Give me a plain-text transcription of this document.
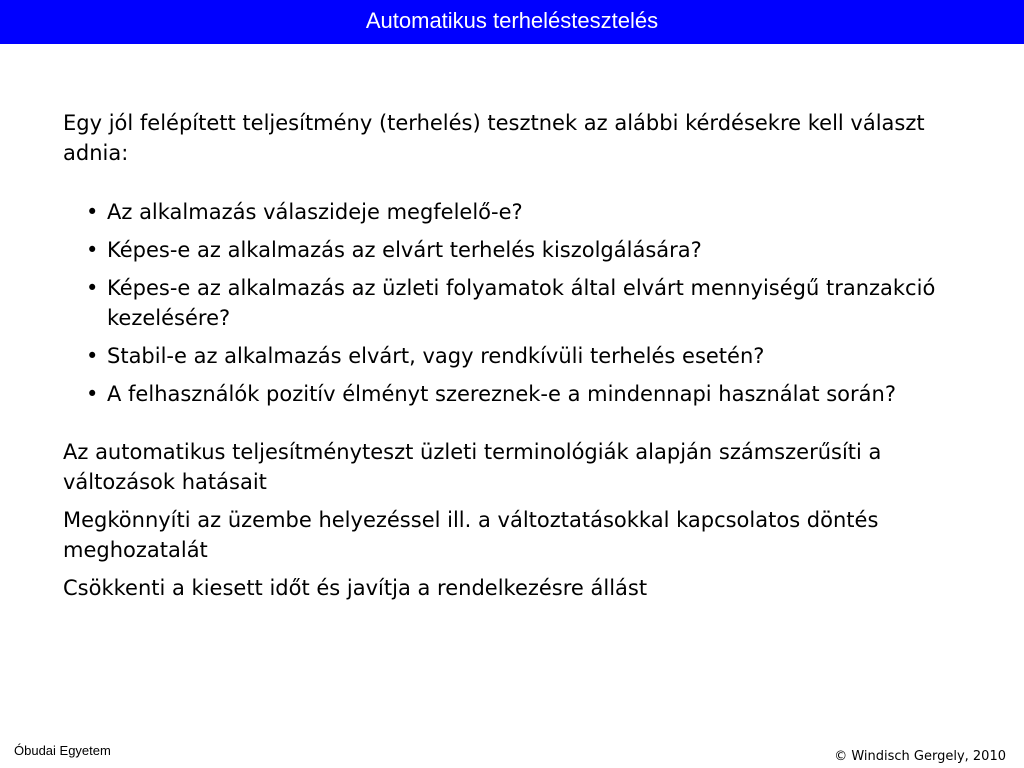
Automatikus terheléstesztelés

Egy jól felépített teljesítmény (terhelés) tesztnek az alábbi kérdésekre kell választ adnia:

• Az alkalmazás válaszideje megfelelő-e?
• Képes-e az alkalmazás az elvárt terhelés kiszolgálására?
• Képes-e az alkalmazás az üzleti folyamatok által elvárt mennyiségű tranzakció kezelésére?
• Stabil-e az alkalmazás elvárt, vagy rendkívüli terhelés esetén?
• A felhasználók pozitív élményt szereznek-e a mindennapi használat során?

Az automatikus teljesítményteszt üzleti terminológiák alapján számszerűsíti a változások hatásait

Megkönnyíti az üzembe helyezéssel ill. a változtatásokkal kapcsolatos döntés meghozatalát

Csökkenti a kiesett időt és javítja a rendelkezésre állást

Óbudai Egyetem	© Windisch Gergely, 2010
